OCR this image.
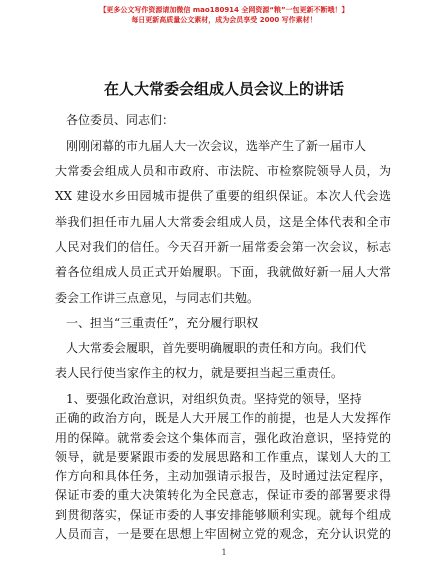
【更多公文写作资源请加微信 mao180914 全网资源“粮”一包更新不断哦！】
每日更新高质量公文素材，成为会员享受 2000 写作素材！
在人大常委会组成人员会议上的讲话
各位委员、同志们：
刚刚闭幕的市九届人大一次会议，选举产生了新一届市人
大常委会组成人员和市政府、市法院、市检察院领导人员，为
XX 建设水乡田园城市提供了重要的组织保证。本次人代会选
举我们担任市九届人大常委会组成人员，这是全体代表和全市
人民对我们的信任。今天召开新一届常委会第一次会议，标志
着各位组成人员正式开始履职。下面，我就做好新一届人大常
委会工作讲三点意见，与同志们共勉。
一、担当“三重责任”，充分履行职权
人大常委会履职，首先要明确履职的责任和方向。我们代
表人民行使当家作主的权力，就是要担当起三重责任。
1、要强化政治意识，对组织负责。坚持党的领导，坚持
正确的政治方向，既是人大开展工作的前提，也是人大发挥作
用的保障。就常委会这个集体而言，强化政治意识，坚持党的
领导，就是要紧跟市委的发展思路和工作重点，谋划人大的工
作方向和具体任务，主动加强请示报告，及时通过法定程序，
保证市委的重大决策转化为全民意志，保证市委的部署要求得
1
到贯彻落实，保证市委的人事安排能够顺利实现。就每个组成
人员而言，一是要在思想上牢固树立党的观念，充分认识党的
